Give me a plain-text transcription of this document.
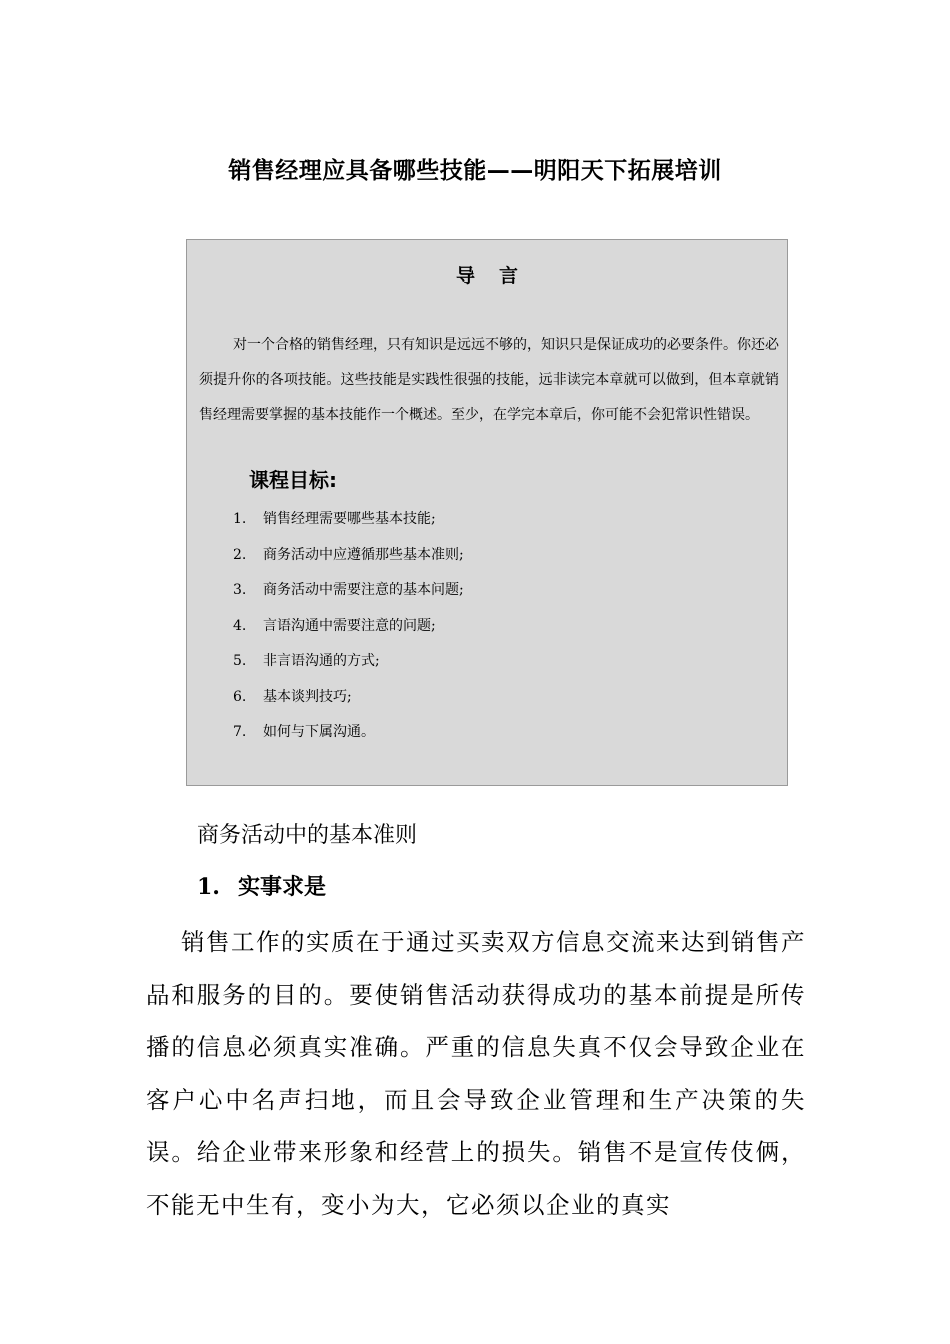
销售经理应具备哪些技能——明阳天下拓展培训
导言
对一个合格的销售经理，只有知识是远远不够的，知识只是保证成功的必要条件。你还必须提升你的各项技能。这些技能是实践性很强的技能，远非读完本章就可以做到，但本章就销售经理需要掌握的基本技能作一个概述。至少，在学完本章后，你可能不会犯常识性错误。
课程目标:
1.	销售经理需要哪些基本技能;
2.	商务活动中应遵循那些基本准则;
3.	商务活动中需要注意的基本问题;
4.	言语沟通中需要注意的问题;
5.	非言语沟通的方式;
6.	基本谈判技巧;
7.	如何与下属沟通。
商务活动中的基本准则
1. 实事求是
销售工作的实质在于通过买卖双方信息交流来达到销售产品和服务的目的。要使销售活动获得成功的基本前提是所传播的信息必须真实准确。严重的信息失真不仅会导致企业在客户心中名声扫地，而且会导致企业管理和生产决策的失误。给企业带来形象和经营上的损失。销售不是宣传伎俩，不能无中生有，变小为大，它必须以企业的真实
